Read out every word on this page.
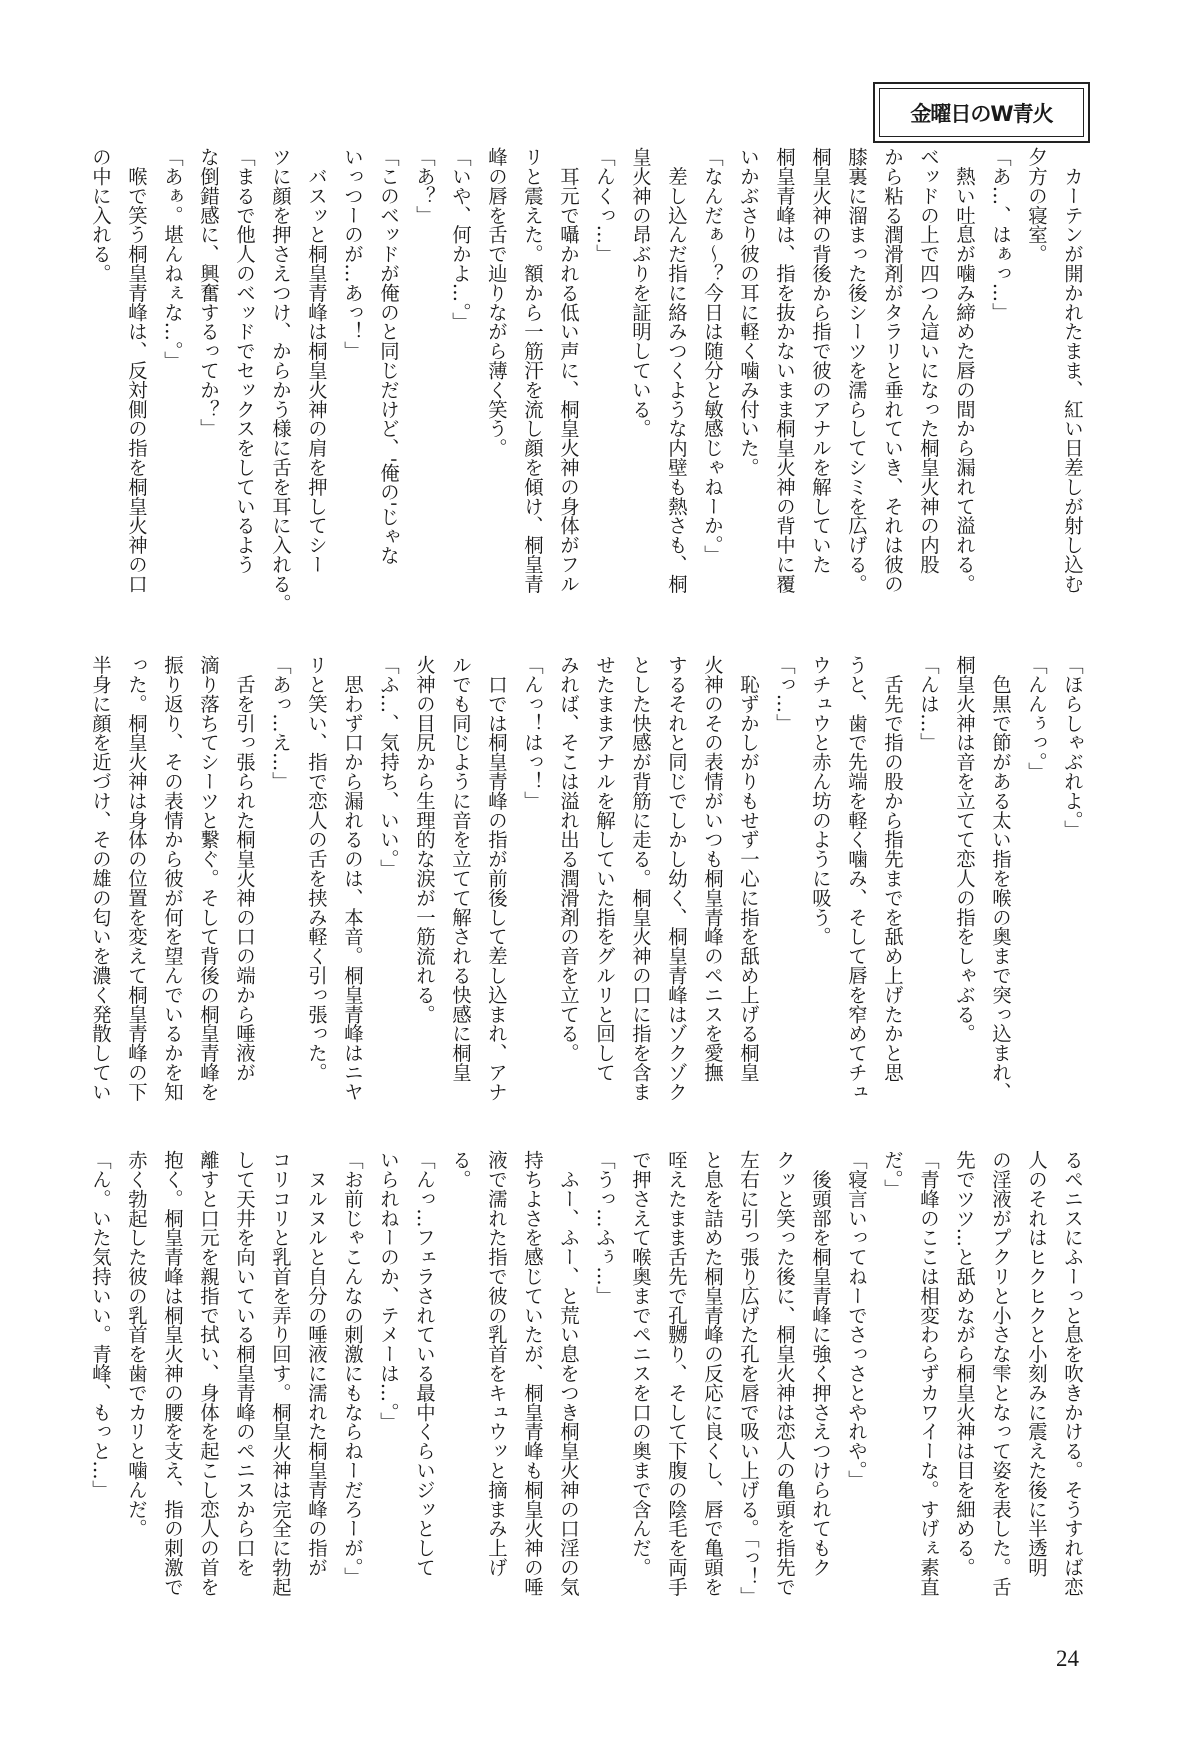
金曜日のW青火
　カーテンが開かれたまま、紅い日差しが射し込む
夕方の寝室。
「あ…、はぁっ…」
　熱い吐息が噛み締めた唇の間から漏れて溢れる。
ベッドの上で四つん這いになった桐皇火神の内股
から粘る潤滑剤がタラリと垂れていき、それは彼の
膝裏に溜まった後シーツを濡らしてシミを広げる。
桐皇火神の背後から指で彼のアナルを解していた
桐皇青峰は、指を抜かないまま桐皇火神の背中に覆
いかぶさり彼の耳に軽く噛み付いた。
「なんだぁ～？今日は随分と敏感じゃねーか。」
　差し込んだ指に絡みつくような内壁も熱さも、桐
皇火神の昂ぶりを証明している。
「んくっ…」
　耳元で囁かれる低い声に、桐皇火神の身体がフル
リと震えた。額から一筋汗を流し顔を傾け、桐皇青
峰の唇を舌で辿りながら薄く笑う。
「いや、何かよ…。」
「あ？」
「このベッドが俺のと同じだけど、'俺の'じゃな
いっつーのが…あっ！」
　バスッと桐皇青峰は桐皇火神の肩を押してシー
ツに顔を押さえつけ、からかう様に舌を耳に入れる。
「まるで他人のベッドでセックスをしているよう
な倒錯感に、興奮するってか？」
「あぁ。堪んねぇな…。」
　喉で笑う桐皇青峰は、反対側の指を桐皇火神の口
の中に入れる。
「ほらしゃぶれよ。」
「んんぅっ。」
　色黒で節がある太い指を喉の奥まで突っ込まれ、
桐皇火神は音を立てて恋人の指をしゃぶる。
「んは…」
　舌先で指の股から指先までを舐め上げたかと思
うと、歯で先端を軽く噛み、そして唇を窄めてチュ
ウチュウと赤ん坊のように吸う。
「っ…」
　恥ずかしがりもせず一心に指を舐め上げる桐皇
火神のその表情がいつも桐皇青峰のペニスを愛撫
するそれと同じでしかし幼く、桐皇青峰はゾクゾク
とした快感が背筋に走る。桐皇火神の口に指を含ま
せたままアナルを解していた指をグルリと回して
みれば、そこは溢れ出る潤滑剤の音を立てる。
「んっ！はっ！」
　口では桐皇青峰の指が前後して差し込まれ、アナ
ルでも同じように音を立てて解される快感に桐皇
火神の目尻から生理的な涙が一筋流れる。
「ふ…、気持ち、いい。」
　思わず口から漏れるのは、本音。桐皇青峰はニヤ
リと笑い、指で恋人の舌を挟み軽く引っ張った。
「あっ…え…」
　舌を引っ張られた桐皇火神の口の端から唾液が
滴り落ちてシーツと繋ぐ。そして背後の桐皇青峰を
振り返り、その表情から彼が何を望んでいるかを知
った。桐皇火神は身体の位置を変えて桐皇青峰の下
半身に顔を近づけ、その雄の匂いを濃く発散してい
るペニスにふーっと息を吹きかける。そうすれば恋
人のそれはヒクヒクと小刻みに震えた後に半透明
の淫液がプクリと小さな雫となって姿を表した。舌
先でツツ…と舐めながら桐皇火神は目を細める。
「青峰のここは相変わらずカワイーな。すげぇ素直
だ。」
「寝言いってねーでさっさとやれや。」
　後頭部を桐皇青峰に強く押さえつけられてもク
クッと笑った後に、桐皇火神は恋人の亀頭を指先で
左右に引っ張り広げた孔を唇で吸い上げる。「っ！」
と息を詰めた桐皇青峰の反応に良くし、唇で亀頭を
咥えたまま舌先で孔嬲り、そして下腹の陰毛を両手
で押さえて喉奥までペニスを口の奥まで含んだ。
「うっ…ふぅ…」
　ふー、ふー、と荒い息をつき桐皇火神の口淫の気
持ちよさを感じていたが、桐皇青峰も桐皇火神の唾
液で濡れた指で彼の乳首をキュウッと摘まみ上げ
る。
「んっ…フェラされている最中くらいジッとして
いられねーのか、テメーは…。」
「お前じゃこんなの刺激にもならねーだろーが。」
　ヌルヌルと自分の唾液に濡れた桐皇青峰の指が
コリコリと乳首を弄り回す。桐皇火神は完全に勃起
して天井を向いている桐皇青峰のペニスから口を
離すと口元を親指で拭い、身体を起こし恋人の首を
抱く。桐皇青峰は桐皇火神の腰を支え、指の刺激で
赤く勃起した彼の乳首を歯でカリと噛んだ。
「ん。いた気持いい。青峰、もっと…」
24
